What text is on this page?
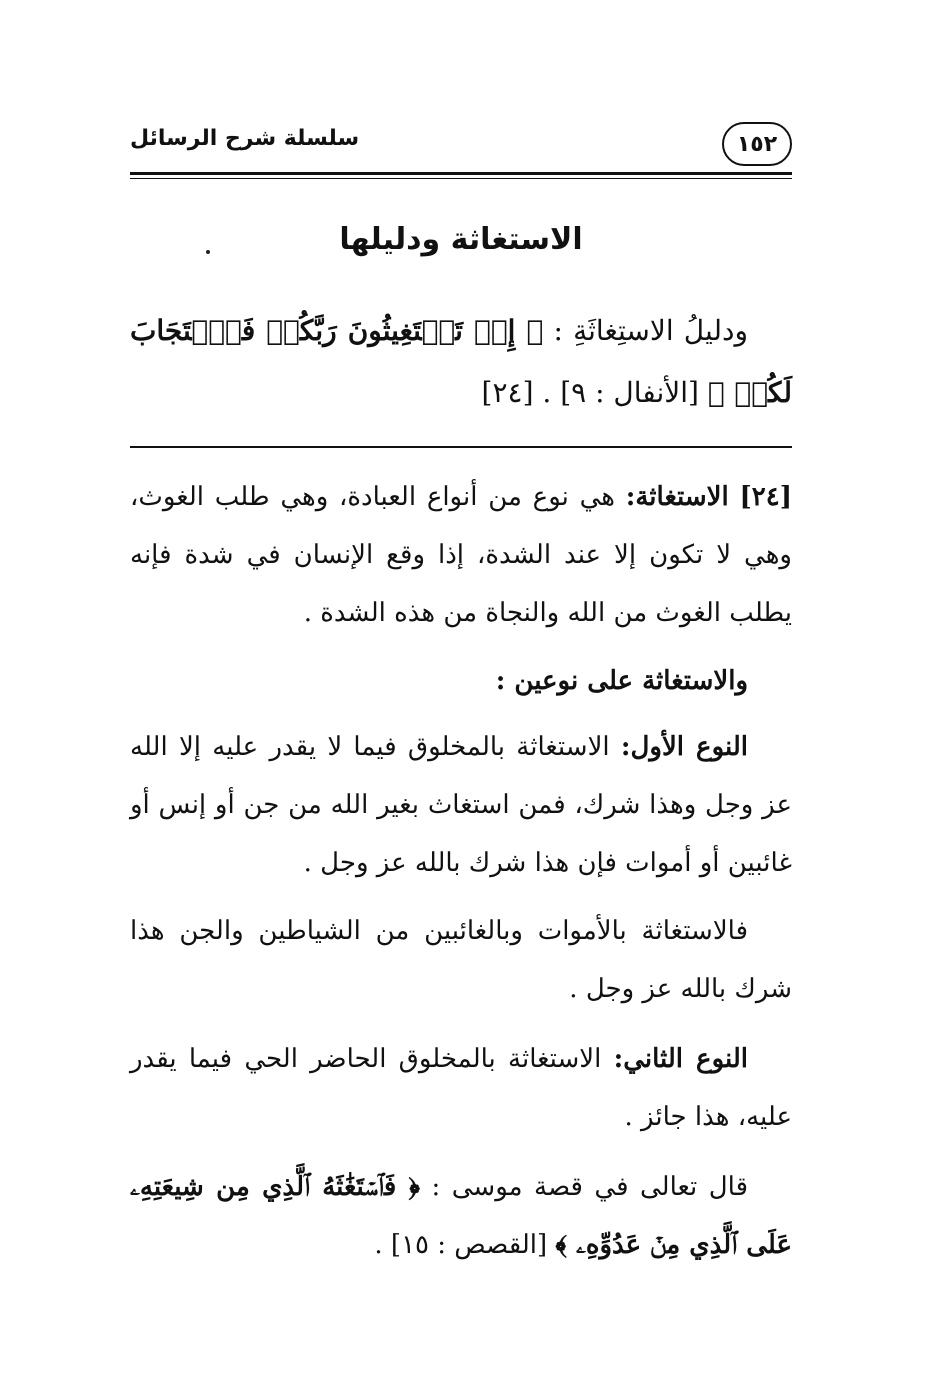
١٥٢
سلسلة شرح الرسائل
الاستغاثة ودليلها
ودليلُ الاستِغاثَةِ : ﴿ إِذۡ تَسۡتَغِيثُونَ رَبَّكُمۡ فَٱسۡتَجَابَ لَكُمۡ ﴾ [الأنفال : ٩] . [٢٤]
[٢٤] الاستغاثة: هي نوع من أنواع العبادة، وهي طلب الغوث، وهي لا تكون إلا عند الشدة، إذا وقع الإنسان في شدة فإنه يطلب الغوث من الله والنجاة من هذه الشدة .
والاستغاثة على نوعين :
النوع الأول: الاستغاثة بالمخلوق فيما لا يقدر عليه إلا الله عز وجل وهذا شرك، فمن استغاث بغير الله من جن أو إنس أو غائبين أو أموات فإن هذا شرك بالله عز وجل .
فالاستغاثة بالأموات وبالغائبين من الشياطين والجن هذا شرك بالله عز وجل .
النوع الثاني: الاستغاثة بالمخلوق الحاضر الحي فيما يقدر عليه، هذا جائز .
قال تعالى في قصة موسى : ﴿ فَٱسۡتَغَٰثَهُ ٱلَّذِي مِن شِيعَتِهِۦ عَلَى ٱلَّذِي مِنۡ عَدُوِّهِۦ ﴾ [القصص : ١٥] .
